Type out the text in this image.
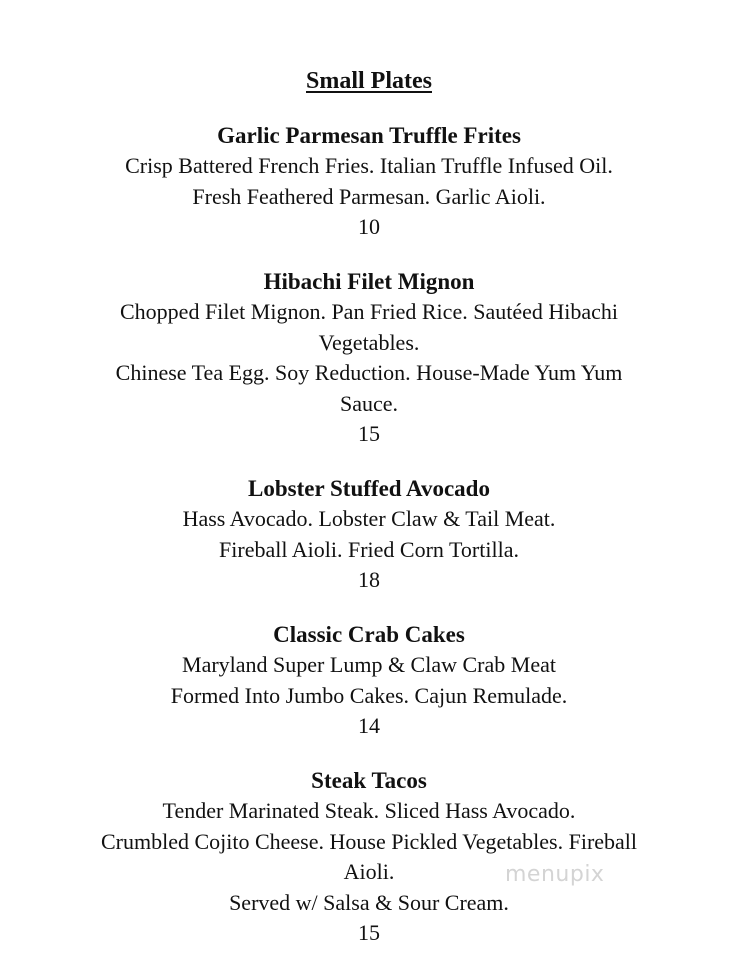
Small Plates
Garlic Parmesan Truffle Frites
Crisp Battered French Fries. Italian Truffle Infused Oil.
Fresh Feathered Parmesan. Garlic Aioli.
10
Hibachi Filet Mignon
Chopped Filet Mignon. Pan Fried Rice. Sautéed Hibachi
Vegetables.
Chinese Tea Egg. Soy Reduction. House-Made Yum Yum
Sauce.
15
Lobster Stuffed Avocado
Hass Avocado. Lobster Claw & Tail Meat.
Fireball Aioli. Fried Corn Tortilla.
18
Classic Crab Cakes
Maryland Super Lump & Claw Crab Meat
Formed Into Jumbo Cakes. Cajun Remulade.
14
Steak Tacos
Tender Marinated Steak. Sliced Hass Avocado.
Crumbled Cojito Cheese. House Pickled Vegetables. Fireball
Aioli.
Served w/ Salsa & Sour Cream.
15
menupix
